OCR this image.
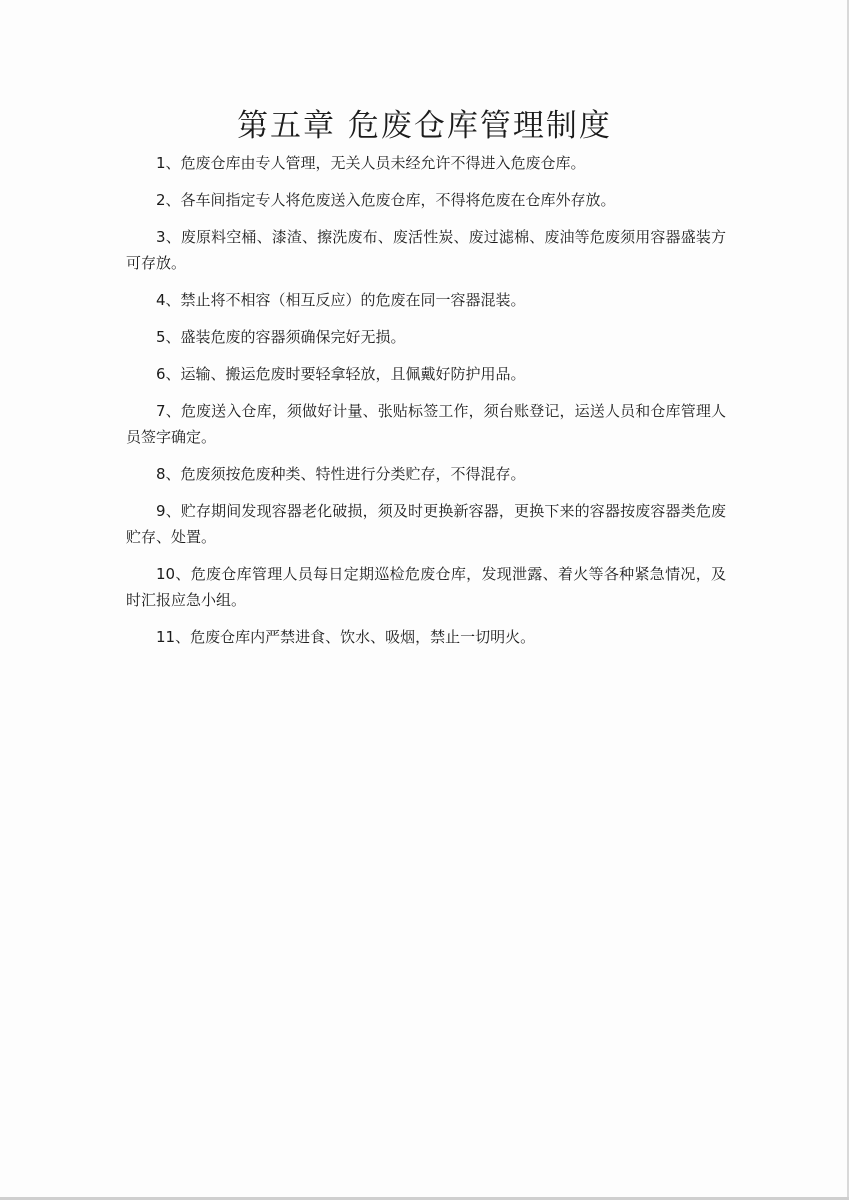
第五章 危废仓库管理制度
1、危废仓库由专人管理，无关人员未经允许不得进入危废仓库。
2、各车间指定专人将危废送入危废仓库，不得将危废在仓库外存放。
3、废原料空桶、漆渣、擦洗废布、废活性炭、废过滤棉、废油等危废须用容器盛装方可存放。
4、禁止将不相容（相互反应）的危废在同一容器混装。
5、盛装危废的容器须确保完好无损。
6、运输、搬运危废时要轻拿轻放，且佩戴好防护用品。
7、危废送入仓库，须做好计量、张贴标签工作，须台账登记，运送人员和仓库管理人员签字确定。
8、危废须按危废种类、特性进行分类贮存，不得混存。
9、贮存期间发现容器老化破损，须及时更换新容器，更换下来的容器按废容器类危废贮存、处置。
10、危废仓库管理人员每日定期巡检危废仓库，发现泄露、着火等各种紧急情况，及时汇报应急小组。
11、危废仓库内严禁进食、饮水、吸烟，禁止一切明火。
